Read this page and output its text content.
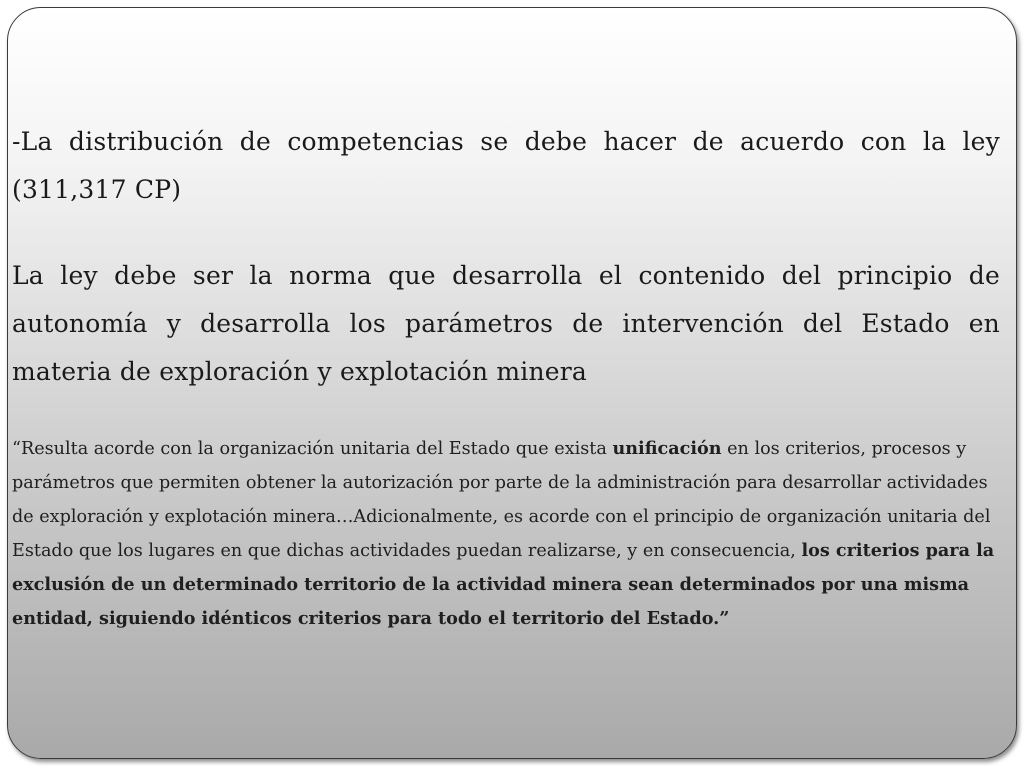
-La distribución de competencias se debe hacer de acuerdo con la ley (311,317 CP)

La ley debe ser la norma que desarrolla el contenido del principio de autonomía y desarrolla los parámetros de intervención del Estado en materia de exploración y explotación minera

“Resulta acorde con la organización unitaria del Estado que exista unificación en los criterios, procesos y parámetros que permiten obtener la autorización por parte de la administración para desarrollar actividades de exploración y explotación minera…Adicionalmente, es acorde con el principio de organización unitaria del Estado que los lugares en que dichas actividades puedan realizarse, y en consecuencia, los criterios para la exclusión de un determinado territorio de la actividad minera sean determinados por una misma entidad, siguiendo idénticos criterios para todo el territorio del Estado.”
